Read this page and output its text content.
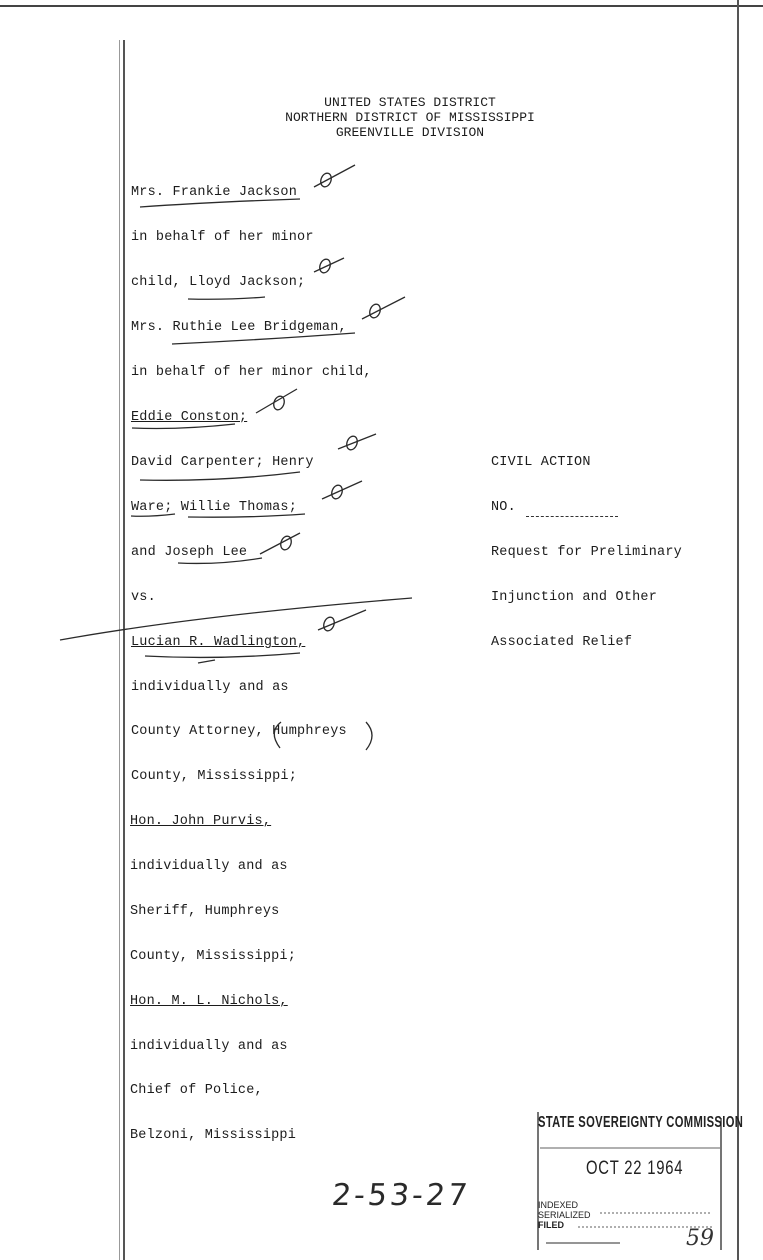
UNITED STATES DISTRICT
NORTHERN DISTRICT OF MISSISSIPPI
GREENVILLE DIVISION
Mrs. Frankie Jackson
in behalf of her minor
child, Lloyd Jackson;
Mrs. Ruthie Lee Bridgeman,
in behalf of her minor child,
Eddie Conston;
David Carpenter; Henry
Ware; Willie Thomas;
and Joseph Lee
vs.
Lucian R. Wadlington,
individually and as
County Attorney, Humphreys
County, Mississippi;
Hon. John Purvis,
individually and as
Sheriff, Humphreys
County, Mississippi;
Hon. M. L. Nichols,
individually and as
Chief of Police,
Belzoni, Mississippi
CIVIL ACTION
NO.
Request for Preliminary
Injunction and Other
Associated Relief
STATE SOVEREIGNTY COMMISSION
OCT 22 1964
INDEXED
SERIALIZED
FILED
2-53-27
59
